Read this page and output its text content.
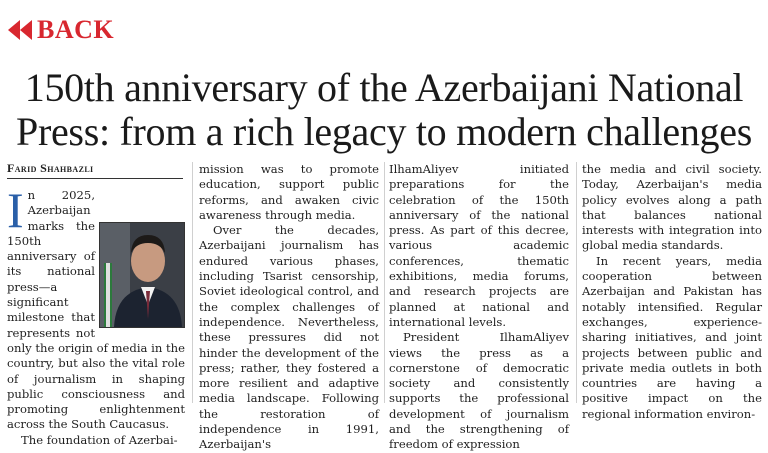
BACK
150th anniversary of the Azerbaijani National Press: from a rich legacy to modern challenges
Farid Shahbazli
I n 2025, Azerbaijan marks the 150th anniversary of its national press—a significant milestone that represents not only the origin of media in the country, but also the vital role of journalism in shaping public consciousness and promoting enlightenment across the South Caucasus.

The foundation of Azerbai-

mission was to promote education, support public reforms, and awaken civic awareness through media.

Over the decades, Azerbaijani journalism has endured various phases, including Tsarist censorship, Soviet ideological control, and the complex challenges of independence. Nevertheless, these pressures did not hinder the development of the press; rather, they fostered a more resilient and adaptive media landscape. Following the restoration of independence in 1991, Azerbaijan's

IlhamAliyev initiated preparations for the celebration of the 150th anniversary of the national press. As part of this decree, various academic conferences, thematic exhibitions, media forums, and research projects are planned at national and international levels.

President IlhamAliyev views the press as a cornerstone of democratic society and consistently supports the professional development of journalism and the strengthening of freedom of expression

the media and civil society. Today, Azerbaijan's media policy evolves along a path that balances national interests with integration into global media standards.

In recent years, media cooperation between Azerbaijan and Pakistan has notably intensified. Regular exchanges, experience-sharing initiatives, and joint projects between public and private media outlets in both countries are having a positive impact on the regional information environ-
